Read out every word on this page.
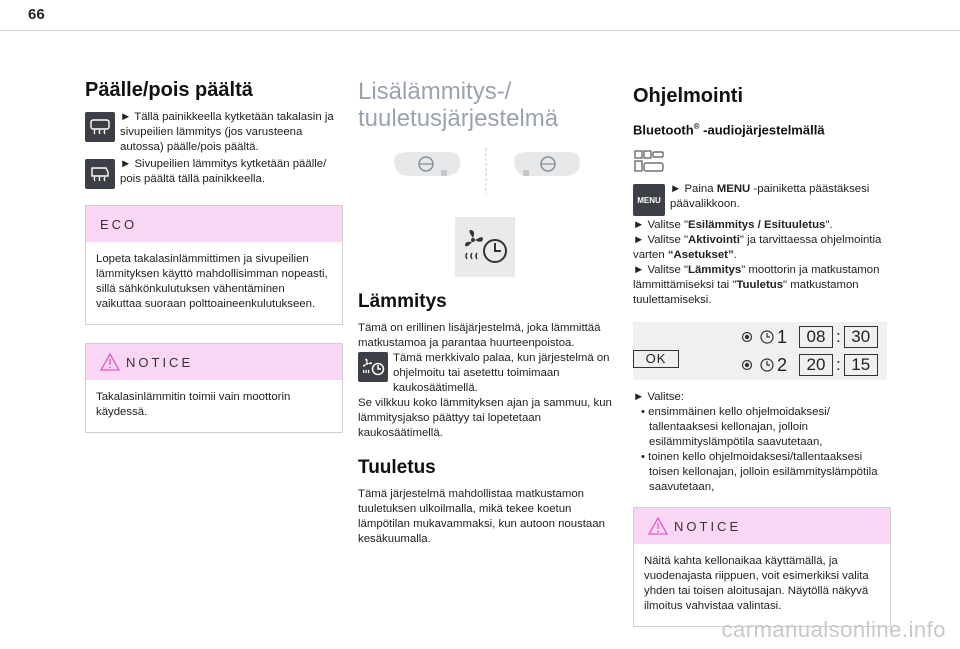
66
Päälle/pois päältä

► Tällä painikkeella kytketään takalasin ja sivupeilien lämmitys (jos varusteena autossa) päälle/pois päältä.

► Sivupeilien lämmitys kytketään päälle/ pois päältä tällä painikkeella.

ECO
Lopeta takalasinlämmittimen ja sivupeilien lämmityksen käyttö mahdollisimman nopeasti, sillä sähkönkulutuksen vähentäminen vaikuttaa suoraan polttoaineenkulutukseen.
NOTICE
Takalasinlämmitin toimii vain moottorin käydessä.
Lisälämmitys-/
tuuletusjärjestelmä
Lämmitys

Tämä on erillinen lisäjärjestelmä, joka lämmittää matkustamoa ja parantaa huurteenpoistoa.

Tämä merkkivalo palaa, kun järjestelmä on ohjelmoitu tai asetettu toimimaan kaukosäätimellä.

Se vilkkuu koko lämmityksen ajan ja sammuu, kun lämmitysjakso päättyy tai lopetetaan kaukosäätimellä.

Tuuletus

Tämä järjestelmä mahdollistaa matkustamon tuuletuksen ulkoilmalla, mikä tekee koetun lämpötilan mukavammaksi, kun autoon noustaan kesäkuumalla.

Ohjelmointi
Bluetooth® -audiojärjestelmällä
MENU

► Paina MENU -painiketta päästäksesi päävalikkoon.

► Valitse "Esilämmitys / Esituuletus".

► Valitse "Aktivointi" ja tarvittaessa ohjelmointia varten “Asetukset”.

► Valitse "Lämmitys" moottorin ja matkustamon lämmittämiseksi tai "Tuuletus" matkustamon tuulettamiseksi.

OK
1	08 : 30
2	20 : 15

► Valitse:

• ensimmäinen kello ohjelmoidaksesi/ tallentaaksesi kellonajan, jolloin esilämmityslämpötila saavutetaan,

• toinen kello ohjelmoidaksesi/tallentaaksesi toisen kellonajan, jolloin esilämmityslämpötila saavutetaan,

NOTICE
Näitä kahta kellonaikaa käyttämällä, ja vuodenajasta riippuen, voit esimerkiksi valita yhden tai toisen aloitusajan. Näytöllä näkyvä ilmoitus vahvistaa valintasi.
carmanualsonline.info
